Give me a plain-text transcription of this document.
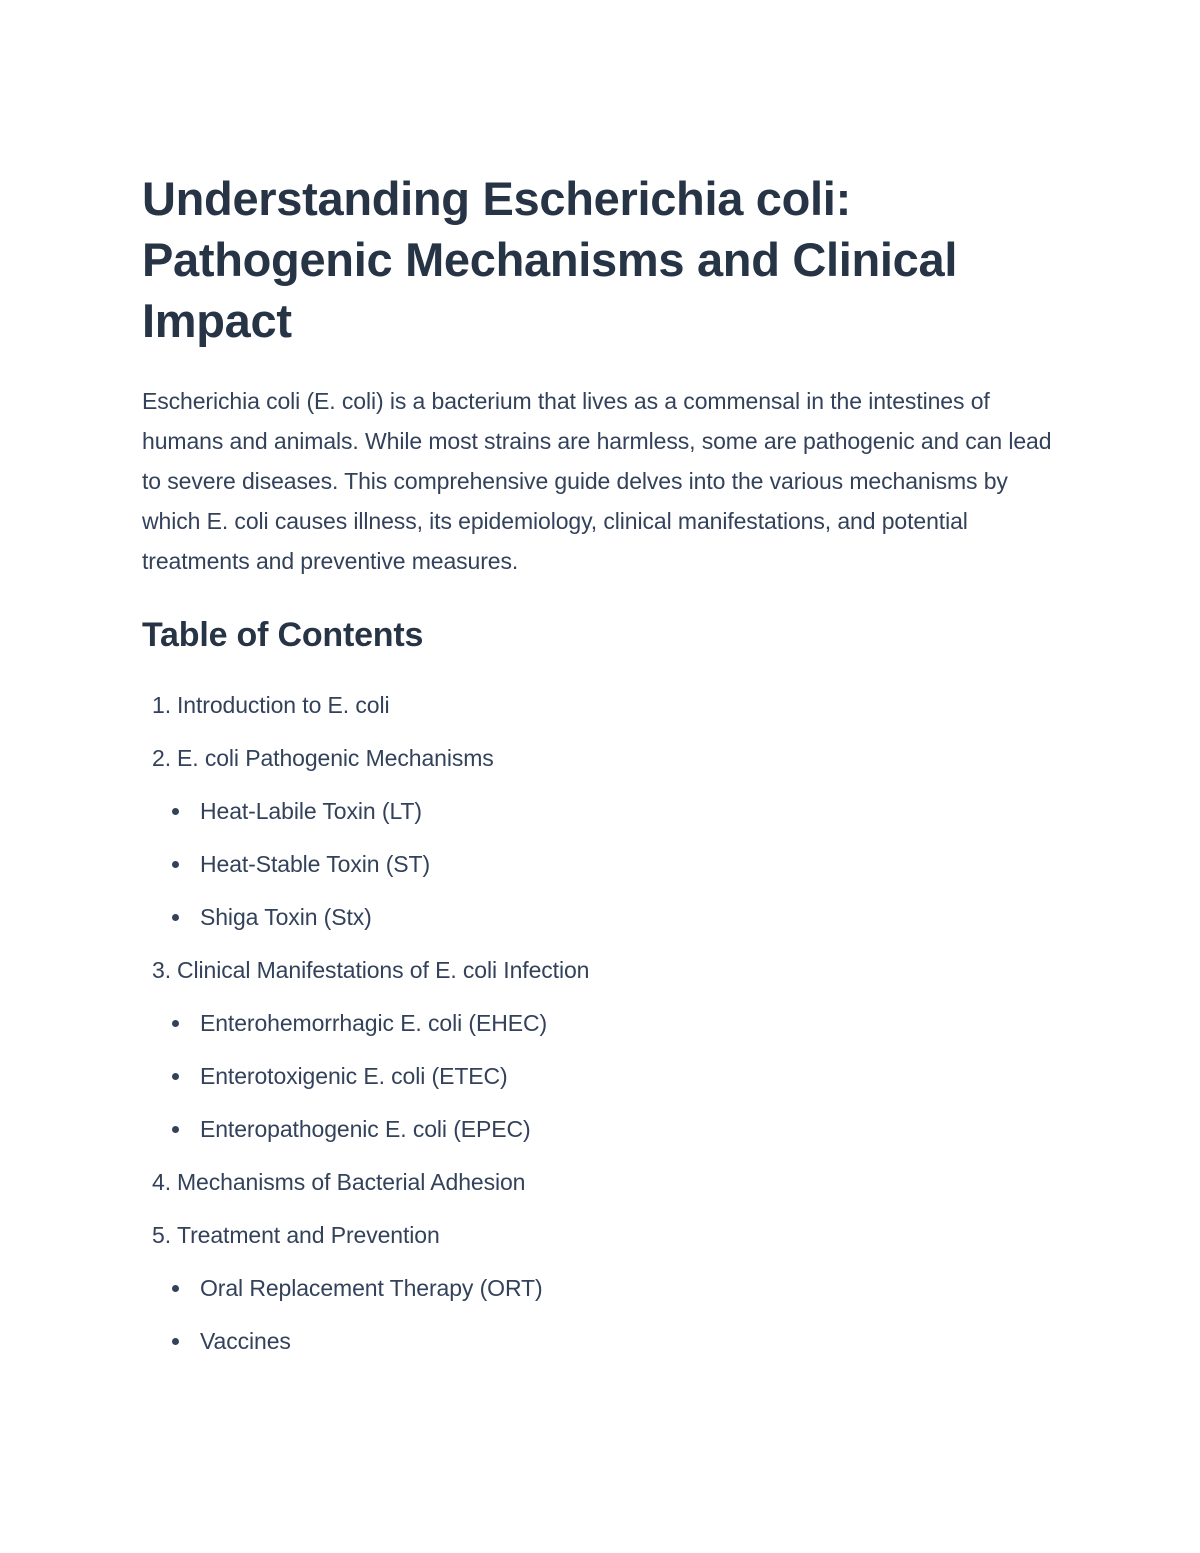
Understanding Escherichia coli: Pathogenic Mechanisms and Clinical Impact

Escherichia coli (E. coli) is a bacterium that lives as a commensal in the intestines of humans and animals. While most strains are harmless, some are pathogenic and can lead to severe diseases. This comprehensive guide delves into the various mechanisms by which E. coli causes illness, its epidemiology, clinical manifestations, and potential treatments and preventive measures.

Table of Contents
1. Introduction to E. coli
2. E. coli Pathogenic Mechanisms
Heat-Labile Toxin (LT)
Heat-Stable Toxin (ST)
Shiga Toxin (Stx)
3. Clinical Manifestations of E. coli Infection
Enterohemorrhagic E. coli (EHEC)
Enterotoxigenic E. coli (ETEC)
Enteropathogenic E. coli (EPEC)
4. Mechanisms of Bacterial Adhesion
5. Treatment and Prevention
Oral Replacement Therapy (ORT)
Vaccines
